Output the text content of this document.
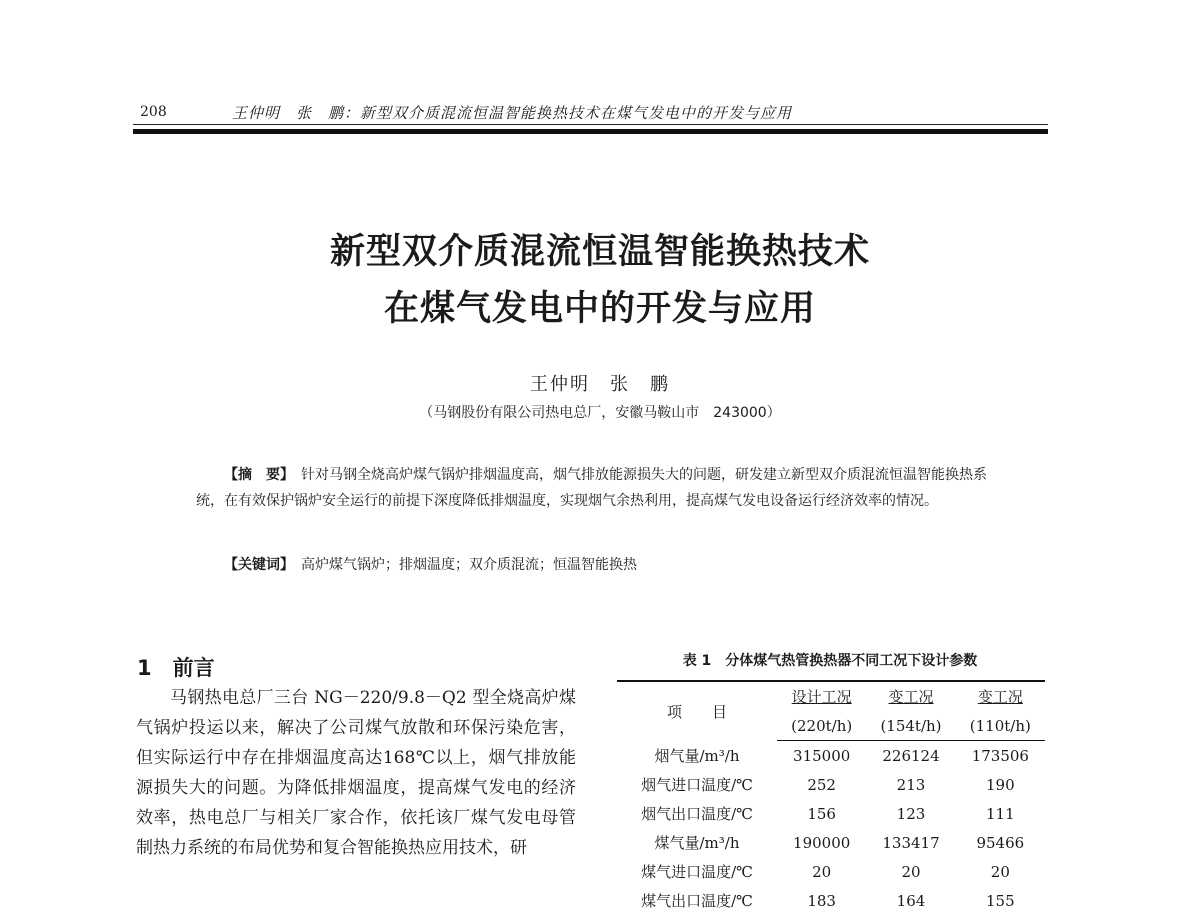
208	王仲明　张　鹏：新型双介质混流恒温智能换热技术在煤气发电中的开发与应用
新型双介质混流恒温智能换热技术
在煤气发电中的开发与应用
王仲明　张　鹏
（马钢股份有限公司热电总厂，安徽马鞍山市　243000）
【摘　要】　 针对马钢全烧高炉煤气锅炉排烟温度高，烟气排放能源损失大的问题，研发建立新型双介质混流恒温智能换热系统，在有效保护锅炉安全运行的前提下深度降低排烟温度，实现烟气余热利用，提高煤气发电设备运行经济效率的情况。
【关键词】　 高炉煤气锅炉；排烟温度；双介质混流；恒温智能换热
1　前言
马钢热电总厂三台 NG－220/9.8－Q2 型全烧高炉煤气锅炉投运以来，解决了公司煤气放散和环保污染危害，但实际运行中存在排烟温度高达168℃以上，烟气排放能源损失大的问题。为降低排烟温度，提高煤气发电的经济效率，热电总厂与相关厂家合作，依托该厂煤气发电母管制热力系统的布局优势和复合智能换热应用技术，研
表 1　分体煤气热管换热器不同工况下设计参数
项　　目	设计工况	变工况	变工况
	(220t/h)	(154t/h)	(110t/h)
烟气量/m³/h	315000	226124	173506
烟气进口温度/℃	252	213	190
烟气出口温度/℃	156	123	111
煤气量/m³/h	190000	133417	95466
煤气进口温度/℃	20	20	20
煤气出口温度/℃	183	164	155
